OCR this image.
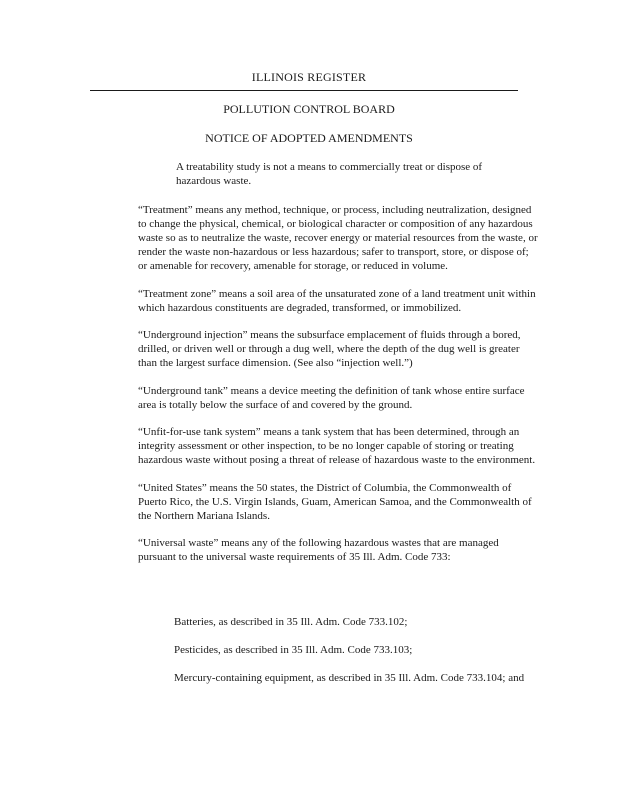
ILLINOIS REGISTER
POLLUTION CONTROL BOARD
NOTICE OF ADOPTED AMENDMENTS
A treatability study is not a means to commercially treat or dispose of hazardous waste.

“Treatment” means any method, technique, or process, including neutralization, designed to change the physical, chemical, or biological character or composition of any hazardous waste so as to neutralize the waste, recover energy or material resources from the waste, or render the waste non-hazardous or less hazardous; safer to transport, store, or dispose of; or amenable for recovery, amenable for storage, or reduced in volume.

“Treatment zone” means a soil area of the unsaturated zone of a land treatment unit within which hazardous constituents are degraded, transformed, or immobilized.

“Underground injection” means the subsurface emplacement of fluids through a bored, drilled, or driven well or through a dug well, where the depth of the dug well is greater than the largest surface dimension. (See also “injection well.”)

“Underground tank” means a device meeting the definition of tank whose entire surface area is totally below the surface of and covered by the ground.

“Unfit-for-use tank system” means a tank system that has been determined, through an integrity assessment or other inspection, to be no longer capable of storing or treating hazardous waste without posing a threat of release of hazardous waste to the environment.

“United States” means the 50 states, the District of Columbia, the Commonwealth of Puerto Rico, the U.S. Virgin Islands, Guam, American Samoa, and the Commonwealth of the Northern Mariana Islands.

“Universal waste” means any of the following hazardous wastes that are managed pursuant to the universal waste requirements of 35 Ill. Adm. Code 733:

Batteries, as described in 35 Ill. Adm. Code 733.102;
Pesticides, as described in 35 Ill. Adm. Code 733.103;
Mercury-containing equipment, as described in 35 Ill. Adm. Code 733.104; and
